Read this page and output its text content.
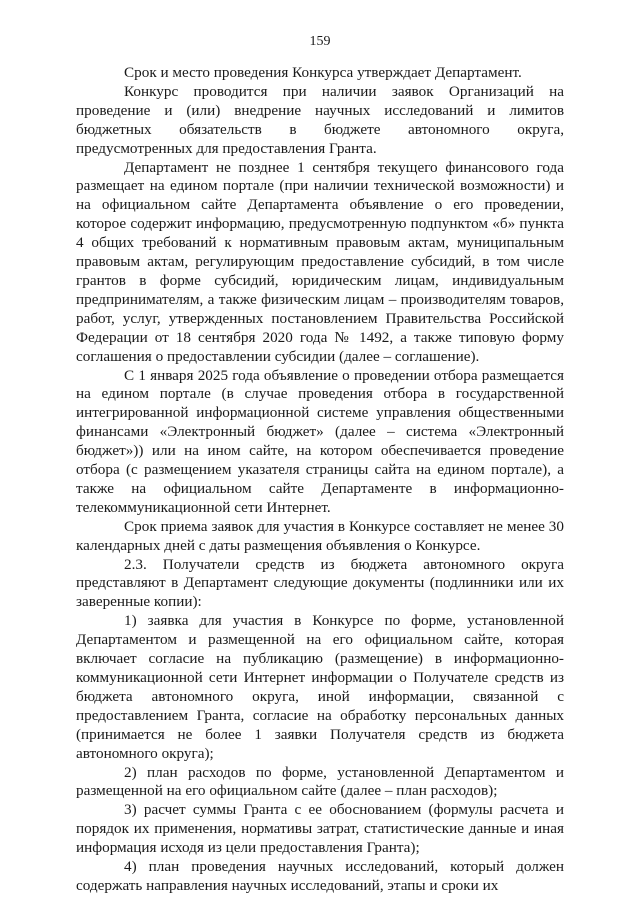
159

Срок и место проведения Конкурса утверждает Департамент.

Конкурс проводится при наличии заявок Организаций на проведение и (или) внедрение научных исследований и лимитов бюджетных обязательств в бюджете автономного округа, предусмотренных для предоставления Гранта.

Департамент не позднее 1 сентября текущего финансового года размещает на едином портале (при наличии технической возможности) и на официальном сайте Департамента объявление о его проведении, которое содержит информацию, предусмотренную подпунктом «б» пункта 4 общих требований к нормативным правовым актам, муниципальным правовым актам, регулирующим предоставление субсидий, в том числе грантов в форме субсидий, юридическим лицам, индивидуальным предпринимателям, а также физическим лицам – производителям товаров, работ, услуг, утвержденных постановлением Правительства Российской Федерации от 18 сентября 2020 года № 1492, а также типовую форму соглашения о предоставлении субсидии (далее – соглашение).

С 1 января 2025 года объявление о проведении отбора размещается на едином портале (в случае проведения отбора в государственной интегрированной информационной системе управления общественными финансами «Электронный бюджет» (далее – система «Электронный бюджет»)) или на ином сайте, на котором обеспечивается проведение отбора (с размещением указателя страницы сайта на едином портале), а также на официальном сайте Департаменте в информационно-телекоммуникационной сети Интернет.

Срок приема заявок для участия в Конкурсе составляет не менее 30 календарных дней с даты размещения объявления о Конкурсе.

2.3. Получатели средств из бюджета автономного округа представляют в Департамент следующие документы (подлинники или их заверенные копии):

1) заявка для участия в Конкурсе по форме, установленной Департаментом и размещенной на его официальном сайте, которая включает согласие на публикацию (размещение) в информационно-коммуникационной сети Интернет информации о Получателе средств из бюджета автономного округа, иной информации, связанной с предоставлением Гранта, согласие на обработку персональных данных (принимается не более 1 заявки Получателя средств из бюджета автономного округа);

2) план расходов по форме, установленной Департаментом и размещенной на его официальном сайте (далее – план расходов);

3) расчет суммы Гранта с ее обоснованием (формулы расчета и порядок их применения, нормативы затрат, статистические данные и иная информация исходя из цели предоставления Гранта);

4) план проведения научных исследований, который должен содержать направления научных исследований, этапы и сроки их
